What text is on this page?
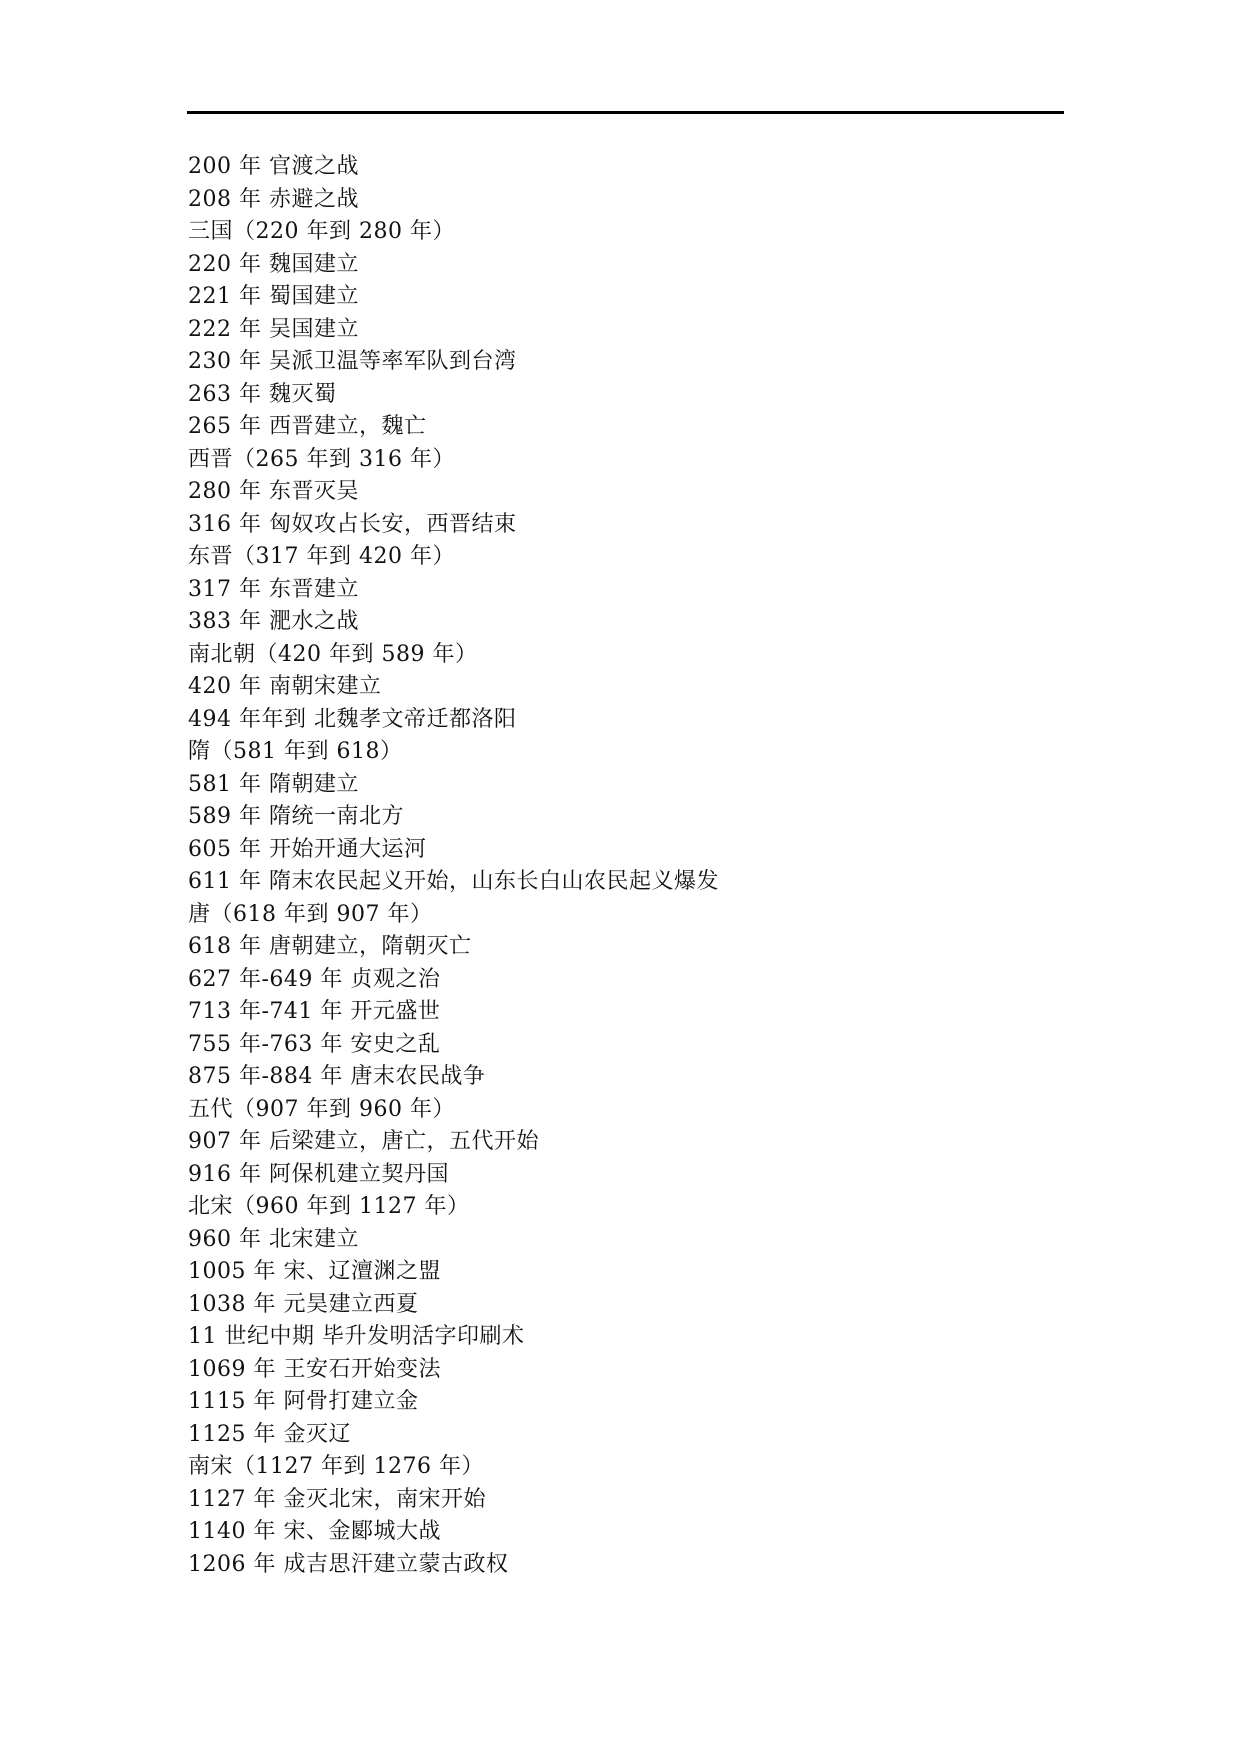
200 年 官渡之战
208 年 赤避之战
三国（220 年到 280 年）
220 年 魏国建立
221 年 蜀国建立
222 年 吴国建立
230 年 吴派卫温等率军队到台湾
263 年 魏灭蜀
265 年 西晋建立，魏亡
西晋（265 年到 316 年）
280 年 东晋灭吴
316 年 匈奴攻占长安，西晋结束
东晋（317 年到 420 年）
317 年 东晋建立
383 年 淝水之战
南北朝（420 年到 589 年）
420 年 南朝宋建立
494 年年到 北魏孝文帝迁都洛阳
隋（581 年到 618）
581 年 隋朝建立
589 年 隋统一南北方
605 年 开始开通大运河
611 年 隋末农民起义开始，山东长白山农民起义爆发
唐（618 年到 907 年）
618 年 唐朝建立，隋朝灭亡
627 年-649 年 贞观之治
713 年-741 年 开元盛世
755 年-763 年 安史之乱
875 年-884 年 唐末农民战争
五代（907 年到 960 年）
907 年 后梁建立，唐亡，五代开始
916 年 阿保机建立契丹国
北宋（960 年到 1127 年）
960 年 北宋建立
1005 年 宋、辽澶渊之盟
1038 年 元昊建立西夏
11 世纪中期 毕升发明活字印刷术
1069 年 王安石开始变法
1115 年 阿骨打建立金
1125 年 金灭辽
南宋（1127 年到 1276 年）
1127 年 金灭北宋，南宋开始
1140 年 宋、金郾城大战
1206 年 成吉思汗建立蒙古政权
